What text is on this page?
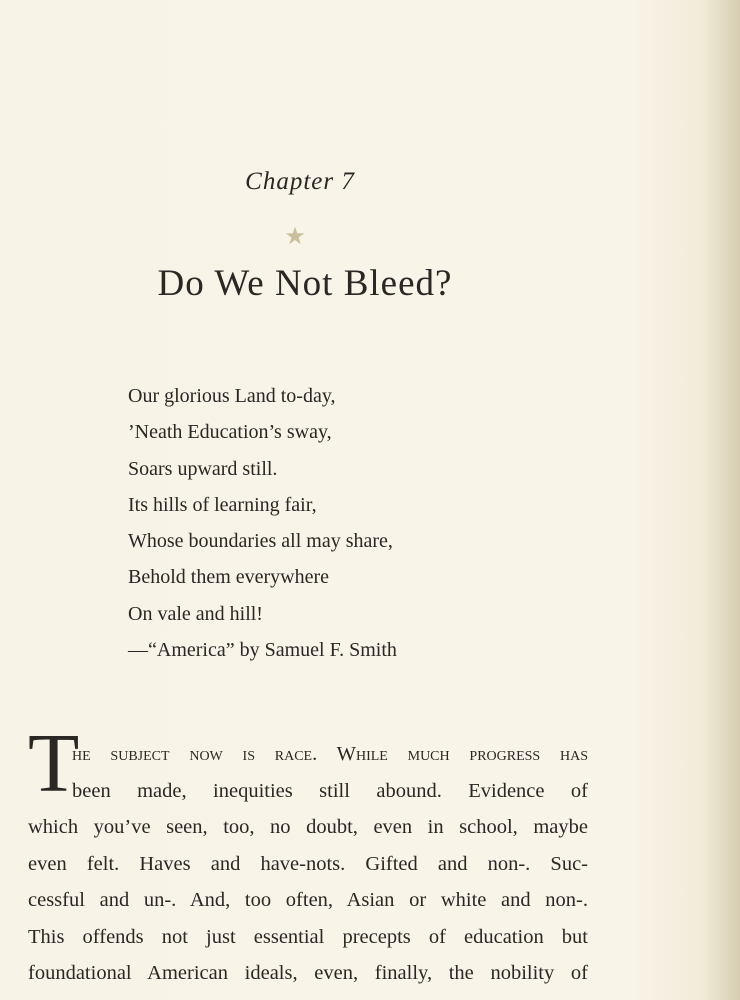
Chapter 7
★
Do We Not Bleed?
Our glorious Land to-day,
’Neath Education’s sway,
Soars upward still.
Its hills of learning fair,
Whose boundaries all may share,
Behold them everywhere
On vale and hill!
—“America” by Samuel F. Smith
T
he subject now is race. While much progress has
been made, inequities still abound. Evidence of
which you’ve seen, too, no doubt, even in school, maybe
even felt. Haves and have-nots. Gifted and non-. Suc-
cessful and un-. And, too often, Asian or white and non-.
This offends not just essential precepts of education but
foundational American ideals, even, finally, the nobility of
